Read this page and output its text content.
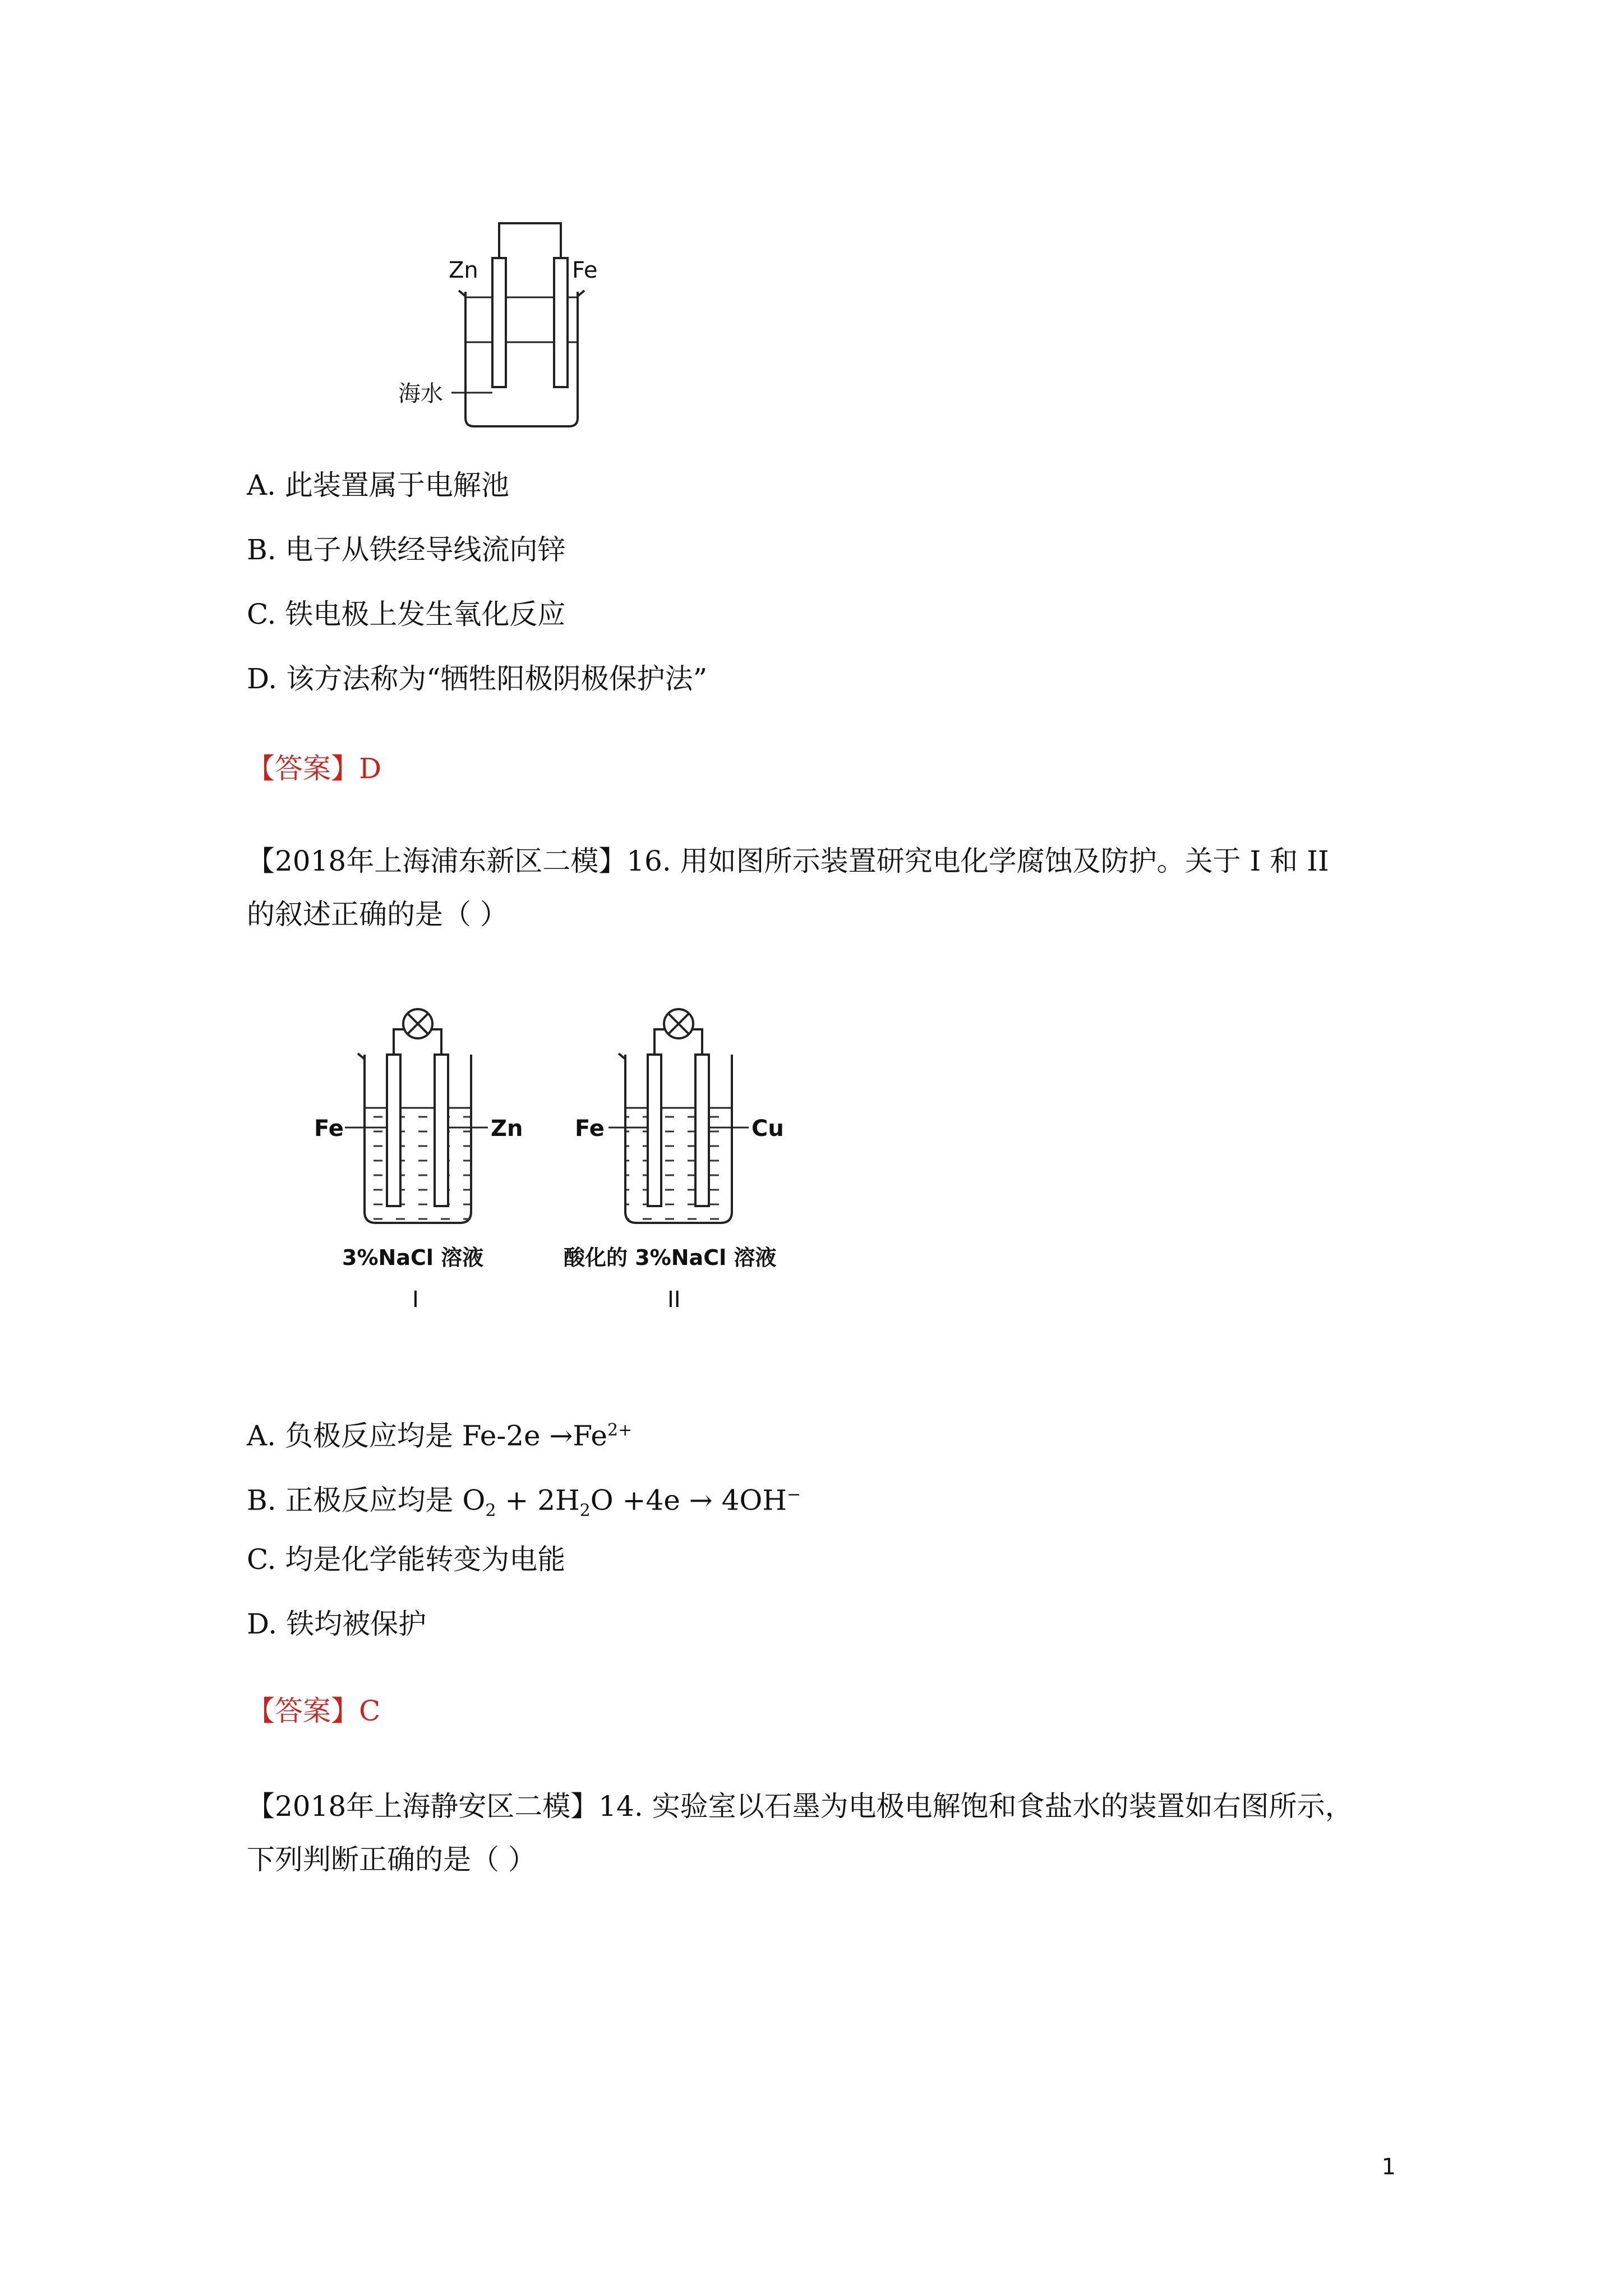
Zn	Fe
海水
A. 此装置属于电解池
B. 电子从铁经导线流向锌
C. 铁电极上发生氧化反应
D. 该方法称为“牺牲阳极阴极保护法”
【答案】D
【2018年上海浦东新区二模】16. 用如图所示装置研究电化学腐蚀及防护。关于 I 和 II
的叙述正确的是（ ）
Fe	Zn
3%NaCl 溶液
I
Fe	Cu
酸化的 3%NaCl 溶液
II
A. 负极反应均是 $Fe-2e \to Fe^{2+}$
B. 正极反应均是 $O_2 + 2H_2O +4e \to 4OH^-$
C. 均是化学能转变为电能
D. 铁均被保护
【答案】C
【2018年上海静安区二模】14. 实验室以石墨为电极电解饱和食盐水的装置如右图所示，
下列判断正确的是（ ）
1
